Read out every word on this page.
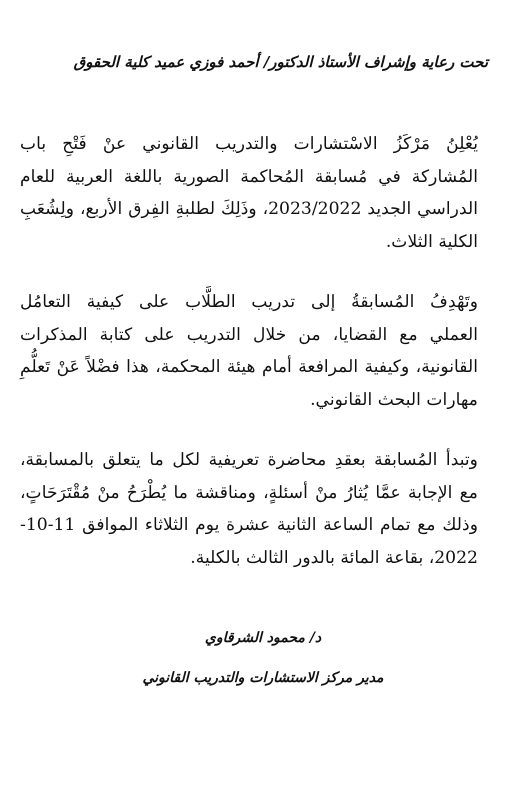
تحت رعاية وإشراف الأستاذ الدكتور/ أحمد فوزي عميد كلية الحقوق

يُعْلِنُ مَرْكَزُ الاسْتشارات والتدريب القانوني عنْ فَتْحِ باب
المُشاركة في مُسابقة المُحاكمة الصورية باللغة العربية للعام
الدراسي الجديد 2023/2022، وذَلِكَ لطلبةِ الفِرق الأربع، ولِشُعَبِ
الكلية الثلاث.

وتَهْدِفُ المُسابقةُ إلى تدريب الطلَّاب على كيفية التعامُل
العملي مع القضايا، من خلال التدريب على كتابة المذكرات
القانونية، وكيفية المرافعة أمام هيئة المحكمة، هذا فضْلاً عَنْ تَعلُّمِ
مهارات البحث القانوني.

وتبدأ المُسابقة بعقدِ محاضرة تعريفية لكل ما يتعلق بالمسابقة،
مع الإجابة عمَّا يُثارُ منْ أسئلةٍ، ومناقشة ما يُطْرَحُ منْ مُقْتَرَحَاتٍ،
وذلك مع تمام الساعة الثانية عشرة يوم الثلاثاء الموافق 11-10-
2022، بقاعة المائة بالدور الثالث بالكلية.

د/ محمود الشرقاوي
مدير مركز الاستشارات والتدريب القانوني
